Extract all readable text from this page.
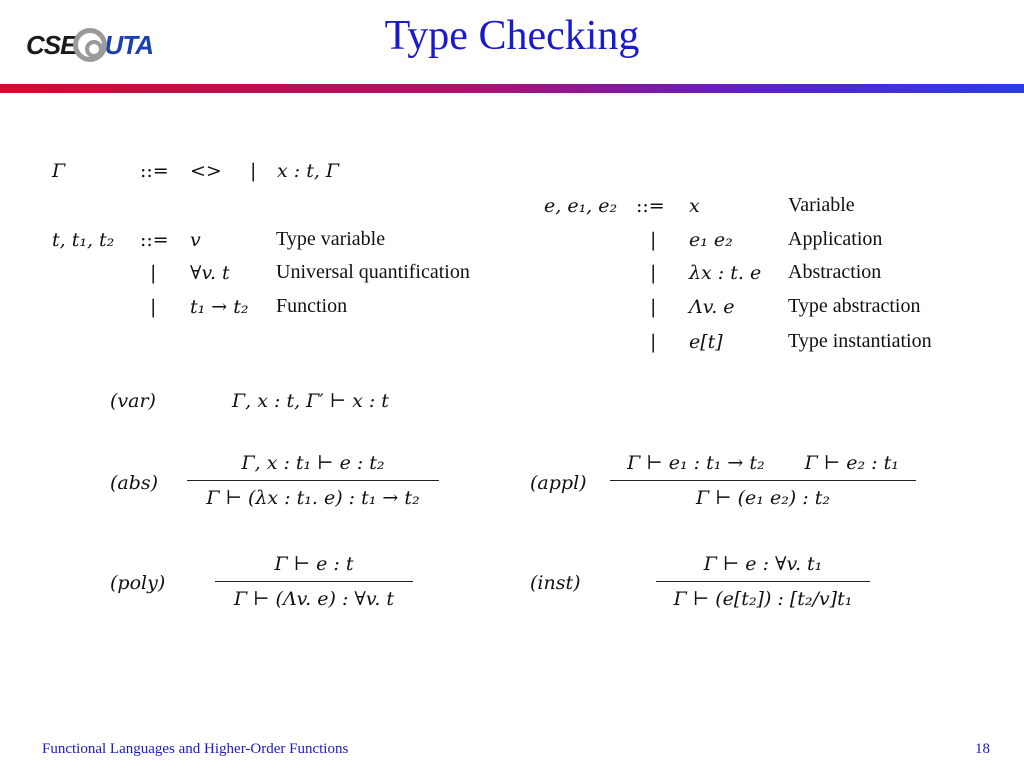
CSE UTA	Type Checking
Γ	::= <> | x : t, Γ
t, t₁, t₂ ::= v	Type variable
| ∀v. t Universal quantification
| t₁ → t₂ Function
e, e₁, e₂ ::= x	Variable
| e₁ e₂	Application
| λx : t. e Abstraction
| Λv. e	Type abstraction
| e[t]	Type instantiation
(var)	Γ, x : t, Γ′ ⊢ x : t
(abs)
Γ, x : t₁ ⊢ e : t₂
Γ ⊢ (λx : t₁. e) : t₁ → t₂
(appl)
Γ ⊢ e₁ : t₁ → t₂ Γ ⊢ e₂ : t₁
Γ ⊢ (e₁ e₂) : t₂
(poly)
Γ ⊢ e : t
Γ ⊢ (Λv. e) : ∀v. t
(inst)
Γ ⊢ e : ∀v. t₁
Γ ⊢ (e[t₂]) : [t₂/v]t₁
Functional Languages and Higher-Order Functions	18
